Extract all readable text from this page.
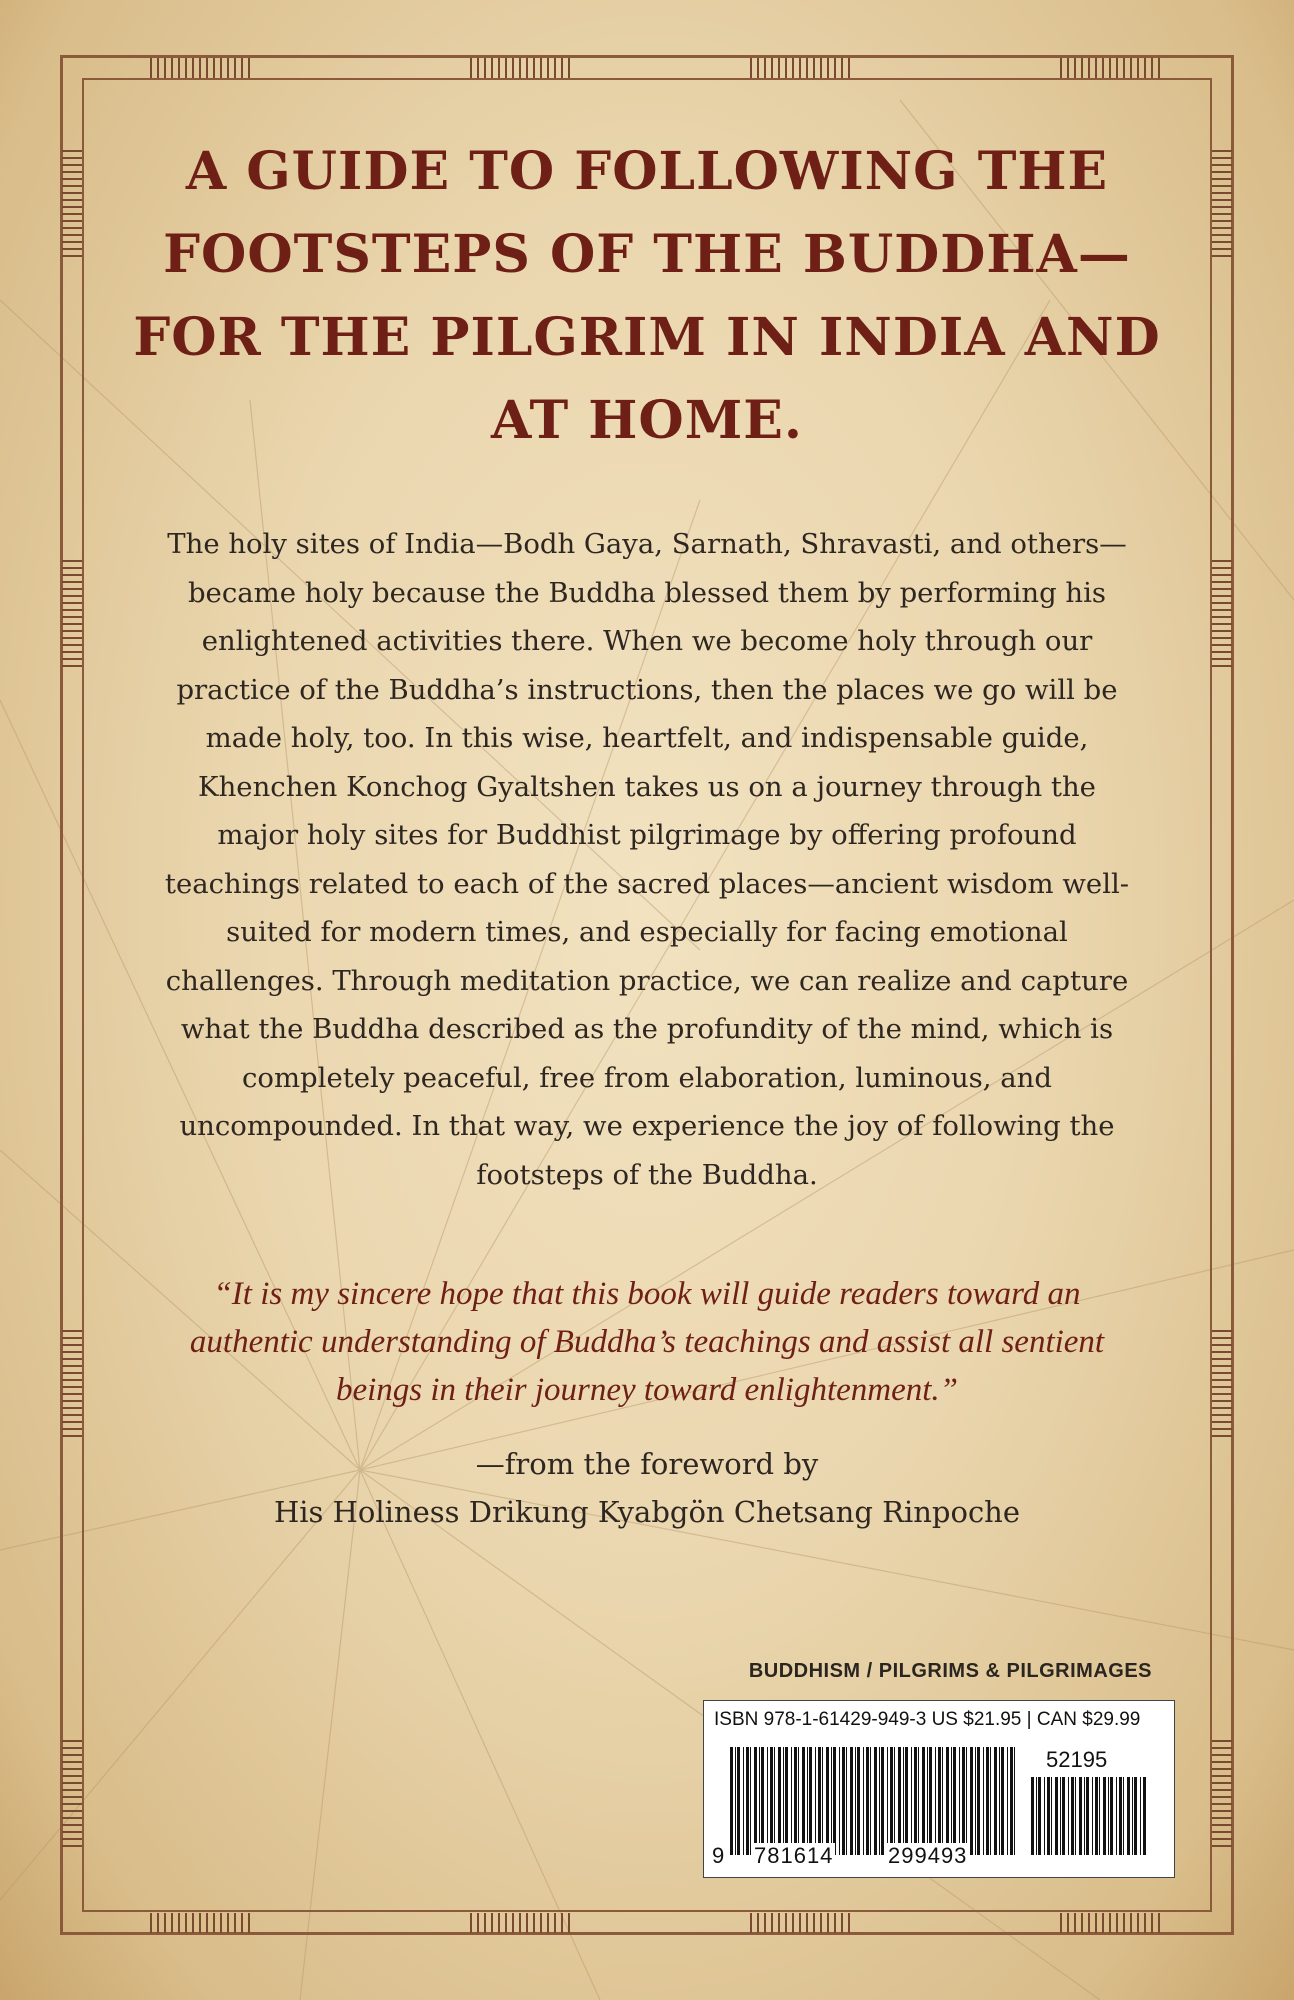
A GUIDE TO FOLLOWING THE FOOTSTEPS OF THE BUDDHA— FOR THE PILGRIM IN INDIA AND AT HOME.

The holy sites of India—Bodh Gaya, Sarnath, Shravasti, and others—became holy because the Buddha blessed them by performing his enlightened activities there. When we become holy through our practice of the Buddha’s instructions, then the places we go will be made holy, too. In this wise, heartfelt, and indispensable guide, Khenchen Konchog Gyaltshen takes us on a journey through the major holy sites for Buddhist pilgrimage by offering profound teachings related to each of the sacred places—ancient wisdom well-suited for modern times, and especially for facing emotional challenges. Through meditation practice, we can realize and capture what the Buddha described as the profundity of the mind, which is completely peaceful, free from elaboration, luminous, and uncompounded. In that way, we experience the joy of following the footsteps of the Buddha.

“It is my sincere hope that this book will guide readers toward an authentic understanding of Buddha’s teachings and assist all sentient beings in their journey toward enlightenment.”

—from the foreword by
His Holiness Drikung Kyabgön Chetsang Rinpoche
BUDDHISM / PILGRIMS & PILGRIMAGES
ISBN 978-1-61429-949-3 US $21.95 | CAN $29.99
52195
9 781614 299493
